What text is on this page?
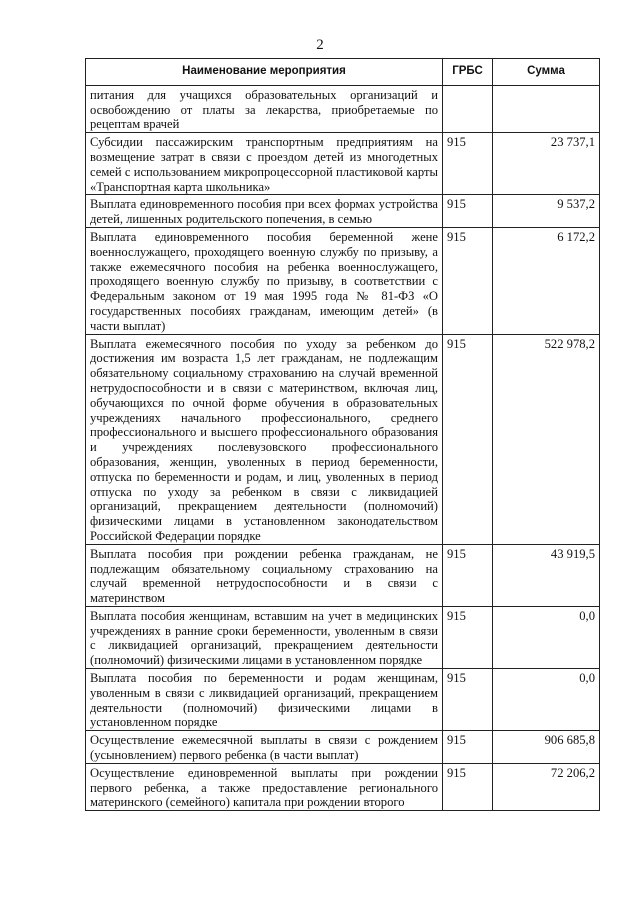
2
Наименование мероприятия	ГРБС	Сумма
питания для учащихся образовательных организаций и освобождению от платы за лекарства, приобретаемые по рецептам врачей		
Субсидии пассажирским транспортным предприятиям на возмещение затрат в связи с проездом детей из многодетных семей с использованием микропроцессорной пластиковой карты «Транспортная карта школьника»	915	23 737,1
Выплата единовременного пособия при всех формах устройства детей, лишенных родительского попечения, в семью	915	9 537,2
Выплата единовременного пособия беременной жене военнослужащего, проходящего военную службу по призыву, а также ежемесячного пособия на ребенка военнослужащего, проходящего военную службу по призыву, в соответствии с Федеральным законом от 19 мая 1995 года № 81-ФЗ «О государственных пособиях гражданам, имеющим детей» (в части выплат)	915	6 172,2
Выплата ежемесячного пособия по уходу за ребенком до достижения им возраста 1,5 лет гражданам, не подлежащим обязательному социальному страхованию на случай временной нетрудоспособности и в связи с материнством, включая лиц, обучающихся по очной форме обучения в образовательных учреждениях начального профессионального, среднего профессионального и высшего профессионального образования и учреждениях послевузовского профессионального образования, женщин, уволенных в период беременности, отпуска по беременности и родам, и лиц, уволенных в период отпуска по уходу за ребенком в связи с ликвидацией организаций, прекращением деятельности (полномочий) физическими лицами в установленном законодательством Российской Федерации порядке	915	522 978,2
Выплата пособия при рождении ребенка гражданам, не подлежащим обязательному социальному страхованию на случай временной нетрудоспособности и в связи с материнством	915	43 919,5
Выплата пособия женщинам, вставшим на учет в медицинских учреждениях в ранние сроки беременности, уволенным в связи с ликвидацией организаций, прекращением деятельности (полномочий) физическими лицами в установленном порядке	915	0,0
Выплата пособия по беременности и родам женщинам, уволенным в связи с ликвидацией организаций, прекращением деятельности (полномочий) физическими лицами в установленном порядке	915	0,0
Осуществление ежемесячной выплаты в связи с рождением (усыновлением) первого ребенка (в части выплат)	915	906 685,8
Осуществление единовременной выплаты при рождении первого ребенка, а также предоставление регионального материнского (семейного) капитала при рождении второго	915	72 206,2
